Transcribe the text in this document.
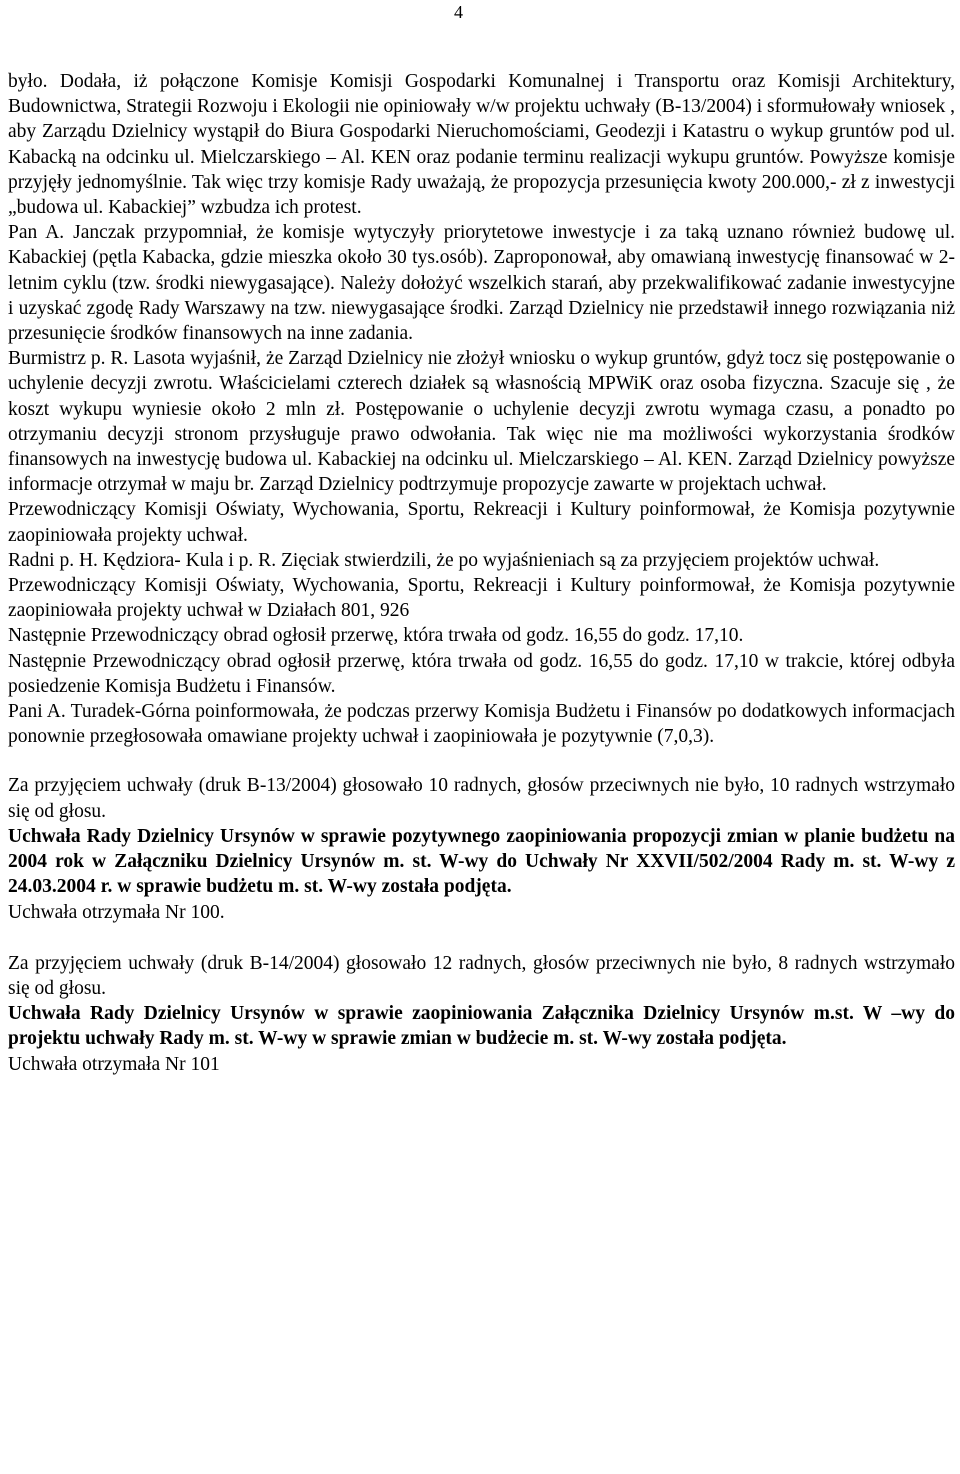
4

było. Dodała, iż połączone Komisje Komisji Gospodarki Komunalnej i Transportu oraz Komisji Architektury, Budownictwa, Strategii Rozwoju i Ekologii nie opiniowały w/w projektu uchwały (B-13/2004) i sformułowały wniosek , aby Zarządu Dzielnicy wystąpił do Biura Gospodarki Nieruchomościami, Geodezji i Katastru o wykup gruntów pod ul. Kabacką na odcinku ul. Mielczarskiego – Al. KEN oraz podanie terminu realizacji wykupu gruntów. Powyższe komisje przyjęły jednomyślnie. Tak więc trzy komisje Rady uważają, że propozycja przesunięcia kwoty 200.000,- zł z inwestycji „budowa ul. Kabackiej” wzbudza ich protest.

Pan A. Janczak przypomniał, że komisje wytyczyły priorytetowe inwestycje i za taką uznano również budowę ul. Kabackiej (pętla Kabacka, gdzie mieszka około 30 tys.osób). Zaproponował, aby omawianą inwestycję finansować w 2-letnim cyklu (tzw. środki niewygasające). Należy dołożyć wszelkich starań, aby przekwalifikować zadanie inwestycyjne i uzyskać zgodę Rady Warszawy na tzw. niewygasające środki. Zarząd Dzielnicy nie przedstawił innego rozwiązania niż przesunięcie środków finansowych na inne zadania.

Burmistrz p. R. Lasota wyjaśnił, że Zarząd Dzielnicy nie złożył wniosku o wykup gruntów, gdyż tocz się postępowanie o uchylenie decyzji zwrotu. Właścicielami czterech działek są własnością MPWiK oraz osoba fizyczna. Szacuje się , że koszt wykupu wyniesie około 2 mln zł. Postępowanie o uchylenie decyzji zwrotu wymaga czasu, a ponadto po otrzymaniu decyzji stronom przysługuje prawo odwołania. Tak więc nie ma możliwości wykorzystania środków finansowych na inwestycję budowa ul. Kabackiej na odcinku ul. Mielczarskiego – Al. KEN. Zarząd Dzielnicy powyższe informacje otrzymał w maju br. Zarząd Dzielnicy podtrzymuje propozycje zawarte w projektach uchwał.

Przewodniczący Komisji Oświaty, Wychowania, Sportu, Rekreacji i Kultury poinformował, że Komisja pozytywnie zaopiniowała projekty uchwał.

Radni p. H. Kędziora- Kula i p. R. Zięciak stwierdzili, że po wyjaśnieniach są za przyjęciem projektów uchwał.

Przewodniczący Komisji Oświaty, Wychowania, Sportu, Rekreacji i Kultury poinformował, że Komisja pozytywnie zaopiniowała projekty uchwał w Działach 801, 926

Następnie Przewodniczący obrad ogłosił przerwę, która trwała od godz. 16,55 do godz. 17,10.

Następnie Przewodniczący obrad ogłosił przerwę, która trwała od godz. 16,55 do godz. 17,10 w trakcie, której odbyła posiedzenie Komisja Budżetu i Finansów.

Pani A. Turadek-Górna poinformowała, że podczas przerwy Komisja Budżetu i Finansów po dodatkowych informacjach ponownie przegłosowała omawiane projekty uchwał i zaopiniowała je pozytywnie (7,0,3).

Za przyjęciem uchwały (druk B-13/2004) głosowało 10 radnych, głosów przeciwnych nie było, 10 radnych wstrzymało się od głosu.

Uchwała Rady Dzielnicy Ursynów w sprawie pozytywnego zaopiniowania propozycji zmian w planie budżetu na 2004 rok w Załączniku Dzielnicy Ursynów m. st. W-wy do Uchwały Nr XXVII/502/2004 Rady m. st. W-wy z 24.03.2004 r. w sprawie budżetu m. st. W-wy została podjęta.

Uchwała otrzymała Nr 100.

Za przyjęciem uchwały (druk B-14/2004) głosowało 12 radnych, głosów przeciwnych nie było, 8 radnych wstrzymało się od głosu.

Uchwała Rady Dzielnicy Ursynów w sprawie zaopiniowania Załącznika Dzielnicy Ursynów m.st. W –wy do projektu uchwały Rady m. st. W-wy w sprawie zmian w budżecie m. st. W-wy została podjęta.

Uchwała otrzymała Nr 101
